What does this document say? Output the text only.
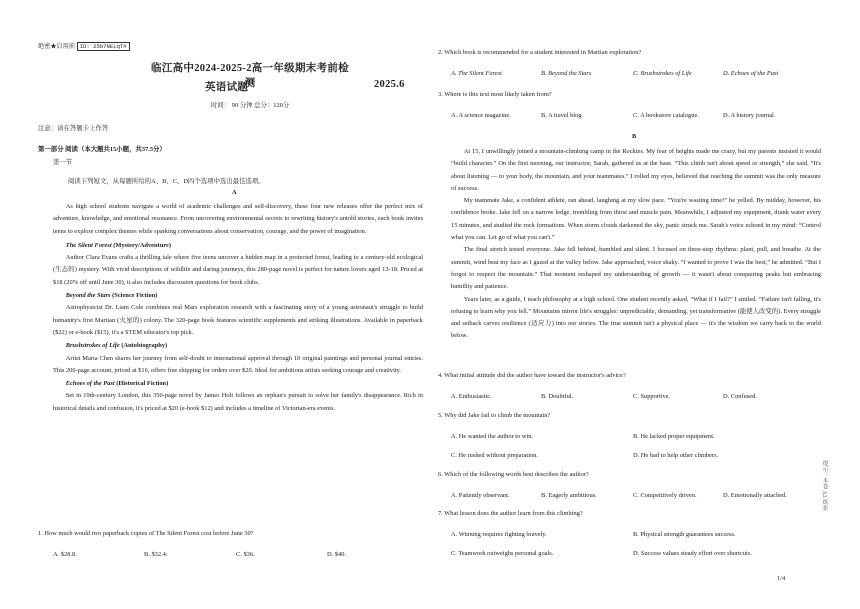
绝密★启用前 ID: 25b7NELqT#
临江高中2024-2025-2高一年级期末考前检测
英语试题	2025.6
时间： 90 分钟 总分：120分
注意：请在答题卡上作答
第一部分 阅读（本大题共15小题，共37.5分）
第一节
阅读下列短文，从每题所给的A、B、C、D四个选项中选出最佳选项。
A
As high school students navigate a world of academic challenges and self-discovery, these four new releases offer the perfect mix of adventure, knowledge, and emotional resonance. From uncovering environmental secrets to rewriting history's untold stories, each book invites teens to explore complex themes while sparking conversations about conservation, courage, and the power of imagination.
The Silent Forest (Mystery/Adventure)
Author Clara Evans crafts a thrilling tale where five teens uncover a hidden map in a protected forest, leading to a century-old ecological (生态的) mystery. With vivid descriptions of wildlife and daring journeys, this 280-page novel is perfect for nature lovers aged 13-18. Priced at $18 (20% off until June 30), it also includes discussion questions for book clubs.
Beyond the Stars (Science Fiction)
Astrophysicist Dr. Liam Cole combines real Mars exploration research with a fascinating story of a young astronaut's struggle to build humanity's first Martian (火星的) colony. The 320-page book features scientific supplements and striking illustrations. Available in paperback ($22) or e-book ($15), it's a STEM educator's top pick.
Brushstrokes of Life (Autobiography)
Artist Maria Chen shares her journey from self-doubt to international approval through 10 original paintings and personal journal entries. This 200-page account, priced at $16, offers free shipping for orders over $20. Ideal for ambitious artists seeking courage and creativity.
Echoes of the Past (Historical Fiction)
Set in 19th-century London, this 350-page novel by James Holt follows an orphan's pursuit to solve her family's disappearance. Rich in historical details and confusion, it's priced at $20 (e-book $12) and includes a timeline of Victorian-era events.
1. How much would two paperback copies of The Silent Forest cost before June 30?
A. $28.8.	B. $32.4.	C. $36.	D. $40.
2. Which book is recommended for a student interested in Martian exploration?
A. The Silent Forest	B. Beyond the Stars	C. Brushstrokes of Life	D. Echoes of the Past
3. Where is this text most likely taken from?
A. A science magazine.	B. A travel blog.	C. A bookstore catalogue.	D. A history journal.
B
At 15, I unwillingly joined a mountain-climbing camp in the Rockies. My fear of heights made me crazy, but my parents insisted it would “build character.” On the first morning, our instructor, Sarah, gathered us at the base. “This climb isn't about speed or strength,” she said. “It's about listening — to your body, the mountain, and your teammates.” I rolled my eyes, believed that reaching the summit was the only measure of success.
My teammate Jake, a confident athlete, ran ahead, laughing at my slow pace. “You're wasting time!” he yelled. By midday, however, his confidence broke. Jake fell on a narrow ledge, trembling from thirst and muscle pain. Meanwhile, I adjusted my equipment, drank water every 15 minutes, and studied the rock formations. When storm clouds darkened the sky, panic struck me. Sarah's voice echoed in my mind: “Control what you can. Let go of what you can't.”
The final stretch tested everyone. Jake fell behind, humbled and silent. I focused on three-step rhythms: plant, pull, and breathe. At the summit, wind beat my face as I gazed at the valley below. Jake approached, voice shaky. “I wanted to prove I was the best,” he admitted. “But I forgot to respect the mountain.” That moment reshaped my understanding of growth — it wasn't about conquering peaks but embracing humility and patience.
Years later, as a guide, I teach philosophy at a high school. One student recently asked, “What if I fail?” I smiled. “Failure isn't falling, it's refusing to learn why you fell.” Mountains mirror life's struggles: unpredictable, demanding, yet transformative (能使人改变的). Every struggle and setback carves resilience (适应力) into our stories. The true summit isn't a physical place — it's the wisdom we carry back to the world below.
4. What initial attitude did the author have toward the instructor's advice?
A. Enthusiastic.	B. Doubtful.	C. Supportive.	D. Confused.
5. Why did Jake fail to climb the mountain?
A. He wanted the author to win.	B. He lacked proper equipment.
C. He rushed without preparation.	D. He had to help other climbers.
6. Which of the following words best describes the author?
A. Patiently observant.	B. Eagerly ambitious.	C. Competitively driven.	D. Emotionally attached.
7. What lesson does the author learn from this climbing?
A. Winning requires fighting bravely.	B. Physical strength guarantees success.
C. Teamwork outweighs personal goals.	D. Success values steady effort over shortcuts.
1/4
提示：本卷 A3 纸张
